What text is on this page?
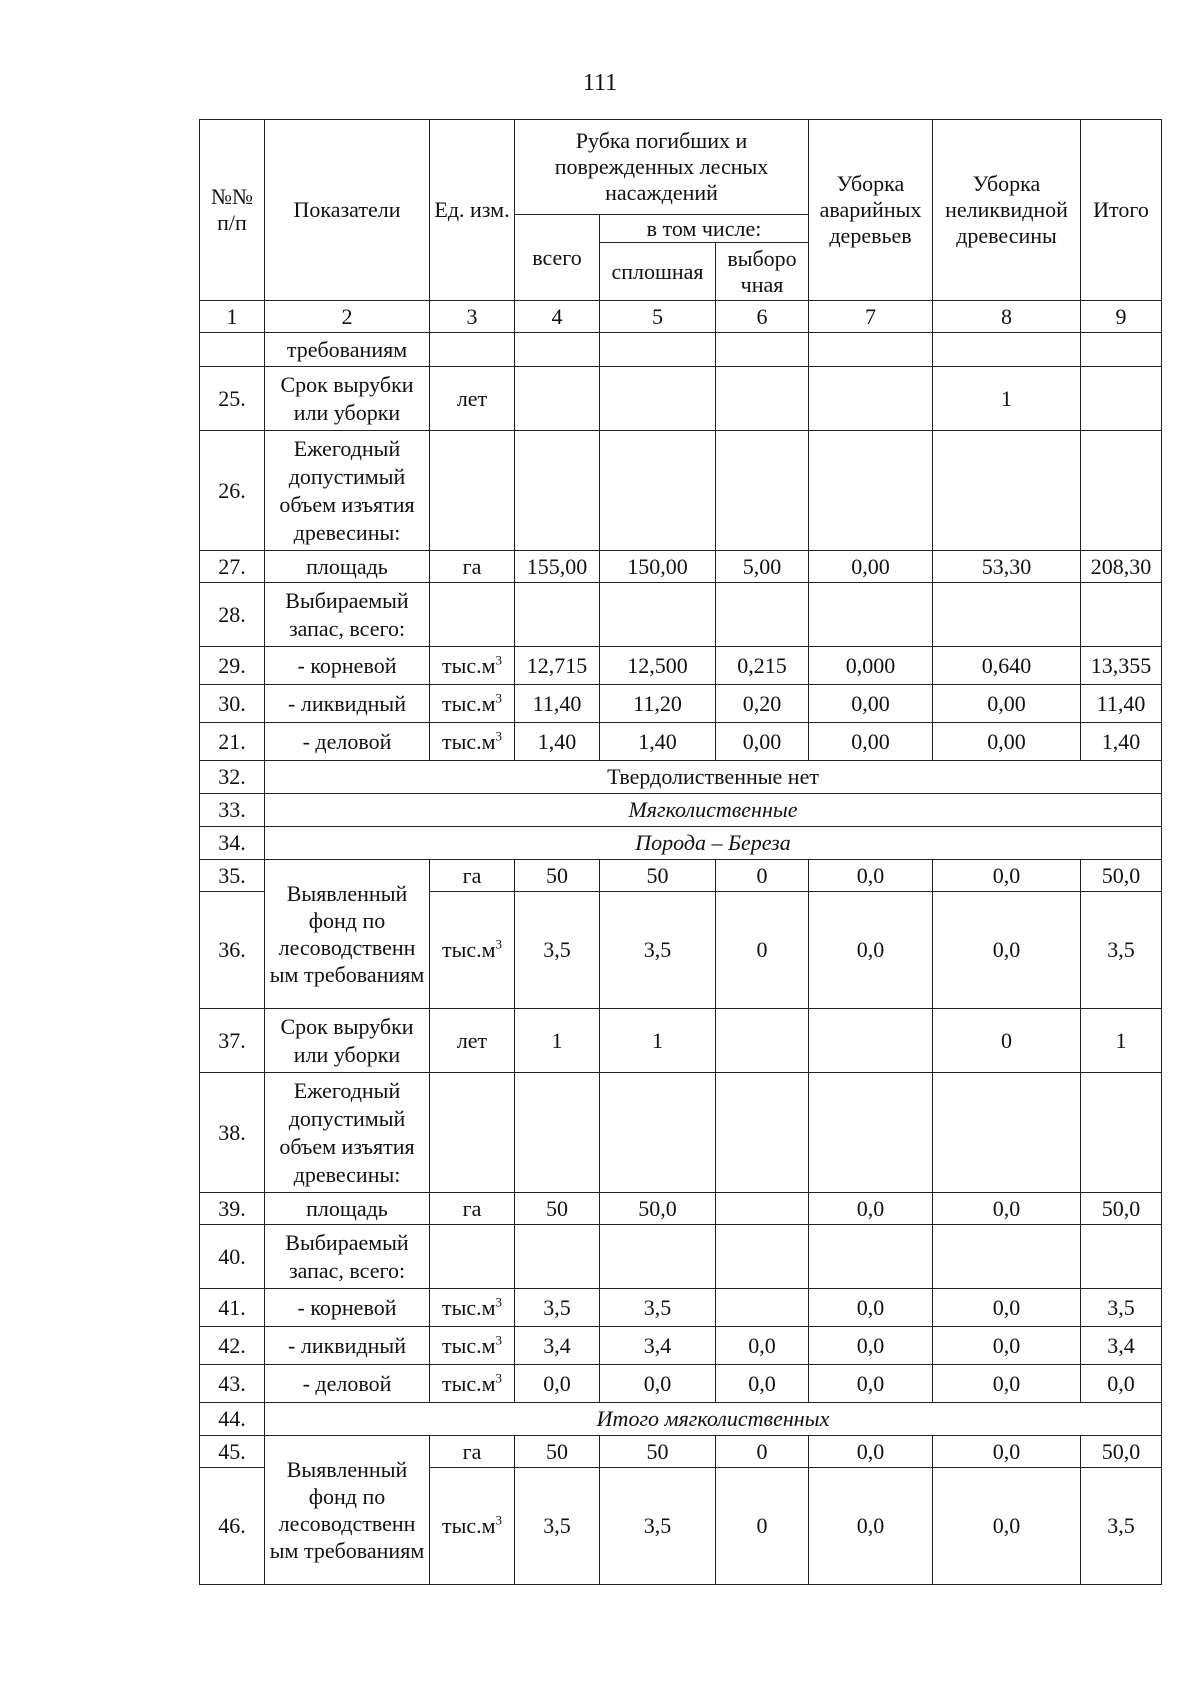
111
№№ п/п	Показатели	Ед. изм.	Рубка погибших и поврежденных лесных насаждений			Уборка аварийных деревьев	Уборка неликвидной древесины	Итого
			всего	в том числе:				
				сплошная	выборо чная			
1	2	3	4	5	6	7	8	9
	требованиям							
25.	Срок вырубки или уборки	лет					1	
26.	Ежегодный допустимый объем изъятия древесины:							
27.	площадь	га	155,00	150,00	5,00	0,00	53,30	208,30
28.	Выбираемый запас, всего:							
29.	- корневой	$тыс.м^3$	12,715	12,500	0,215	0,000	0,640	13,355
30.	- ликвидный	$тыс.м^3$	11,40	11,20	0,20	0,00	0,00	11,40
21.	- деловой	$тыс.м^3$	1,40	1,40	0,00	0,00	0,00	1,40
32.	Твердолиственные нет							
33.	Мягколиственные							
34.	Порода – Береза							
35.	Выявленный фонд по лесоводственн ым требованиям	га	50	50	0	0,0	0,0	50,0
36.		$тыс.м^3$	3,5	3,5	0	0,0	0,0	3,5
37.	Срок вырубки или уборки	лет	1	1			0	1
38.	Ежегодный допустимый объем изъятия древесины:							
39.	площадь	га	50	50,0		0,0	0,0	50,0
40.	Выбираемый запас, всего:							
41.	- корневой	$тыс.м^3$	3,5	3,5		0,0	0,0	3,5
42.	- ликвидный	$тыс.м^3$	3,4	3,4	0,0	0,0	0,0	3,4
43.	- деловой	$тыс.м^3$	0,0	0,0	0,0	0,0	0,0	0,0
44.	Итого мягколиственных							
45.	Выявленный фонд по лесоводственн ым требованиям	га	50	50	0	0,0	0,0	50,0
46.		$тыс.м^3$	3,5	3,5	0	0,0	0,0	3,5
